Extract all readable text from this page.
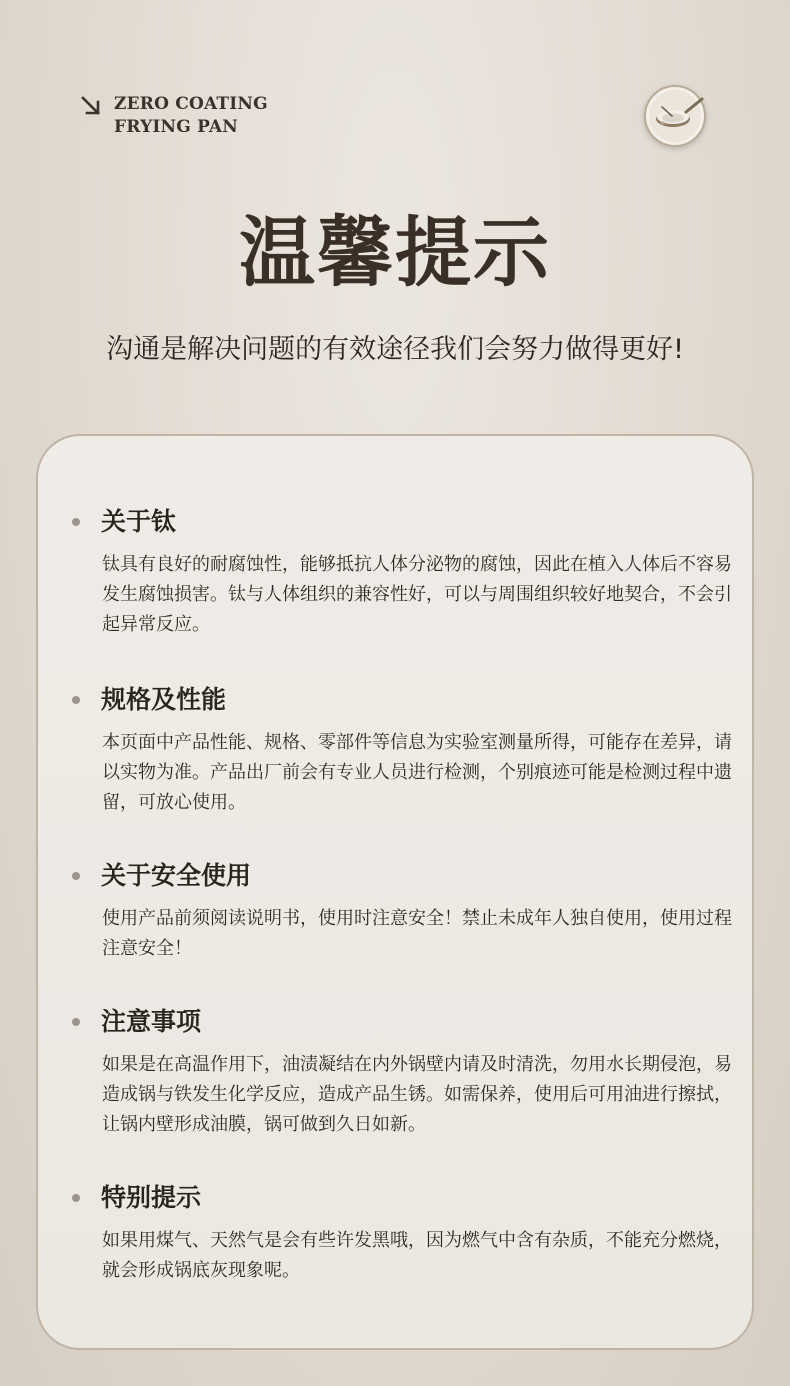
ZERO COATING
FRYING PAN
温馨提示
沟通是解决问题的有效途径我们会努力做得更好!
关于钛
钛具有良好的耐腐蚀性，能够抵抗人体分泌物的腐蚀，因此在植入人体后不容易发生腐蚀损害。钛与人体组织的兼容性好，可以与周围组织较好地契合，不会引起异常反应。
规格及性能
本页面中产品性能、规格、零部件等信息为实验室测量所得，可能存在差异，请以实物为准。产品出厂前会有专业人员进行检测，个别痕迹可能是检测过程中遗留，可放心使用。
关于安全使用
使用产品前须阅读说明书，使用时注意安全！禁止未成年人独自使用，使用过程注意安全！
注意事项
如果是在高温作用下，油渍凝结在内外锅壁内请及时清洗，勿用水长期侵泡，易造成锅与铁发生化学反应，造成产品生锈。如需保养，使用后可用油进行擦拭，让锅内壁形成油膜，锅可做到久日如新。
特别提示
如果用煤气、天然气是会有些许发黑哦，因为燃气中含有杂质，不能充分燃烧，就会形成锅底灰现象呢。
